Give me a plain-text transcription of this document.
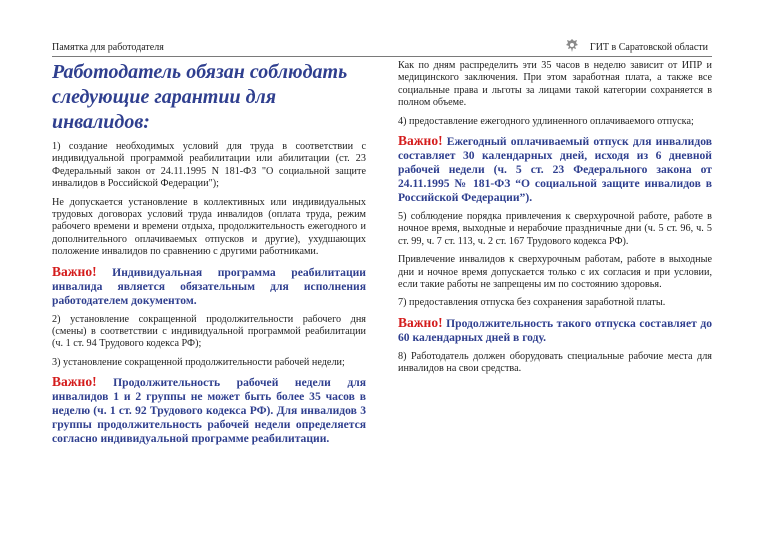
Памятка для работодателя	ГИТ в Саратовской области
Работодатель обязан соблюдать следующие гарантии для инвалидов:

1) создание необходимых условий для труда в соответствии с индивидуальной программой реабилитации или абилитации (ст. 23 Федеральный закон от 24.11.1995 N 181-ФЗ "О социальной защите инвалидов в Российской Федерации");

Не допускается установление в коллективных или индивидуальных трудовых договорах условий труда инвалидов (оплата труда, режим рабочего времени и времени отдыха, продолжительность ежегодного и дополнительного оплачиваемых отпусков и другие), ухудшающих положение инвалидов по сравнению с другими работниками.

Важно! Индивидуальная программа реабилитации инвалида является обязательным для исполнения работодателем документом.

2) установление сокращенной продолжительности рабочего дня (смены) в соответствии с индивидуальной программой реабилитации (ч. 1 ст. 94 Трудового кодекса РФ);

3) установление сокращенной продолжительности рабочей недели;

Важно! Продолжительность рабочей недели для инвалидов 1 и 2 группы не может быть более 35 часов в неделю (ч. 1 ст. 92 Трудового кодекса РФ). Для инвалидов 3 группы продолжительность рабочей недели определяется согласно индивидуальной программе реабилитации.

Как по дням распределить эти 35 часов в неделю зависит от ИПР и медицинского заключения. При этом заработная плата, а также все социальные права и льготы за лицами такой категории сохраняется в полном объеме.

4) предоставление ежегодного удлиненного оплачиваемого отпуска;

Важно! Ежегодный оплачиваемый отпуск для инвалидов составляет 30 календарных дней, исходя из 6 дневной рабочей недели (ч. 5 ст. 23 Федерального закона от 24.11.1995 № 181-ФЗ “О социальной защите инвалидов в Российской Федерации”).

5) соблюдение порядка привлечения к сверхурочной работе, работе в ночное время, выходные и нерабочие праздничные дни (ч. 5 ст. 96, ч. 5 ст. 99, ч. 7 ст. 113, ч. 2 ст. 167 Трудового кодекса РФ).

Привлечение инвалидов к сверхурочным работам, работе в выходные дни и ночное время допускается только с их согласия и при условии, если такие работы не запрещены им по состоянию здоровья.

7) предоставления отпуска без сохранения заработной платы.

Важно! Продолжительность такого отпуска составляет до 60 календарных дней в году.

8) Работодатель должен оборудовать специальные рабочие места для инвалидов на свои средства.
